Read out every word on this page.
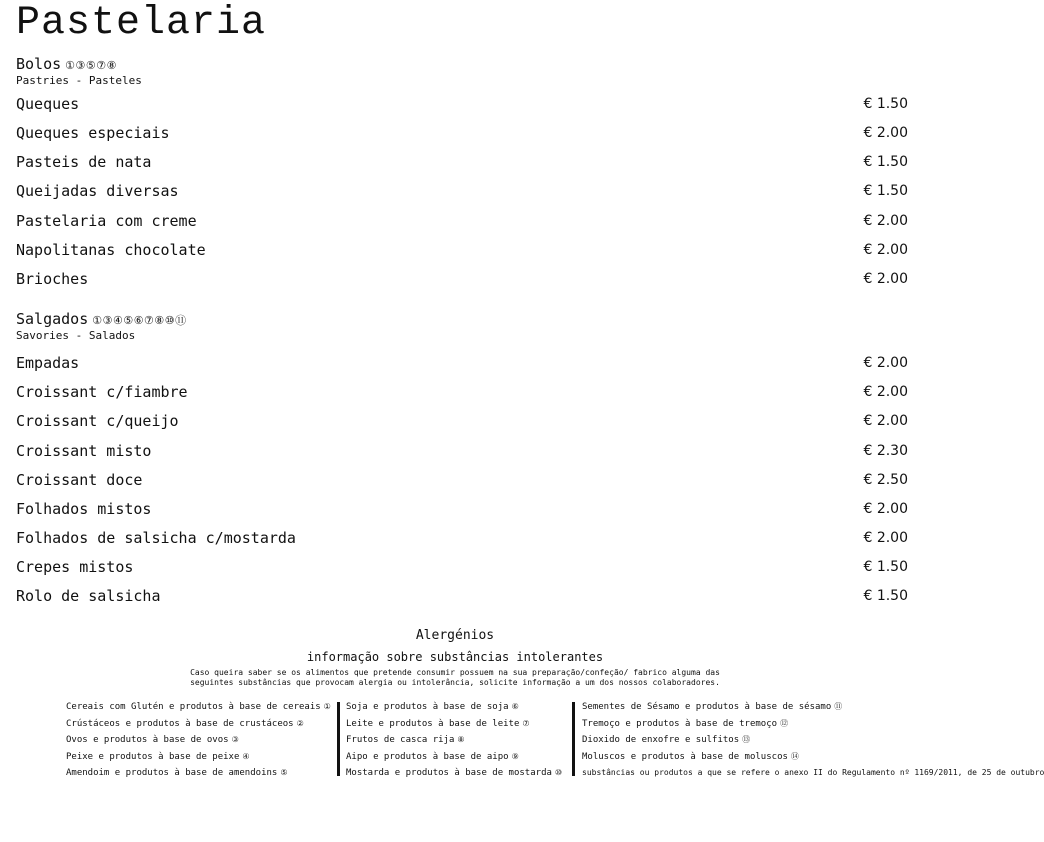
Pastelaria
Bolos ①③⑤⑦⑧
Pastries - Pasteles
Queques	€ 1.50
Queques especiais	€ 2.00
Pasteis de nata	€ 1.50
Queijadas diversas	€ 1.50
Pastelaria com creme	€ 2.00
Napolitanas chocolate	€ 2.00
Brioches	€ 2.00
Salgados ①③④⑤⑥⑦⑧⑩⑪
Savories - Salados
Empadas	€ 2.00
Croissant c/fiambre	€ 2.00
Croissant c/queijo	€ 2.00
Croissant misto	€ 2.30
Croissant doce	€ 2.50
Folhados mistos	€ 2.00
Folhados de salsicha c/mostarda	€ 2.00
Crepes mistos	€ 1.50
Rolo de salsicha	€ 1.50
Alergénios
informação sobre substâncias intolerantes
Caso queira saber se os alimentos que pretende consumir possuem na sua preparação/confeção/ fabrico alguma das
seguintes substâncias que provocam alergia ou intolerância, solicite informação a um dos nossos colaboradores.
Cereais com Glutén e produtos à base de cereais ①
Crústáceos e produtos à base de crustáceos ②
Ovos e produtos à base de ovos ③
Peixe e produtos à base de peixe ④
Amendoim e produtos à base de amendoins ⑤
Soja e produtos à base de soja ⑥
Leite e produtos à base de leite ⑦
Frutos de casca rija ⑧
Aipo e produtos à base de aipo ⑨
Mostarda e produtos à base de mostarda ⑩
Sementes de Sésamo e produtos à base de sésamo ⑪
Tremoço e produtos à base de tremoço ⑫
Dioxido de enxofre e sulfitos ⑬
Moluscos e produtos à base de moluscos ⑭
substâncias ou produtos a que se refere o anexo II do Regulamento nº 1169/2011, de 25 de outubro
